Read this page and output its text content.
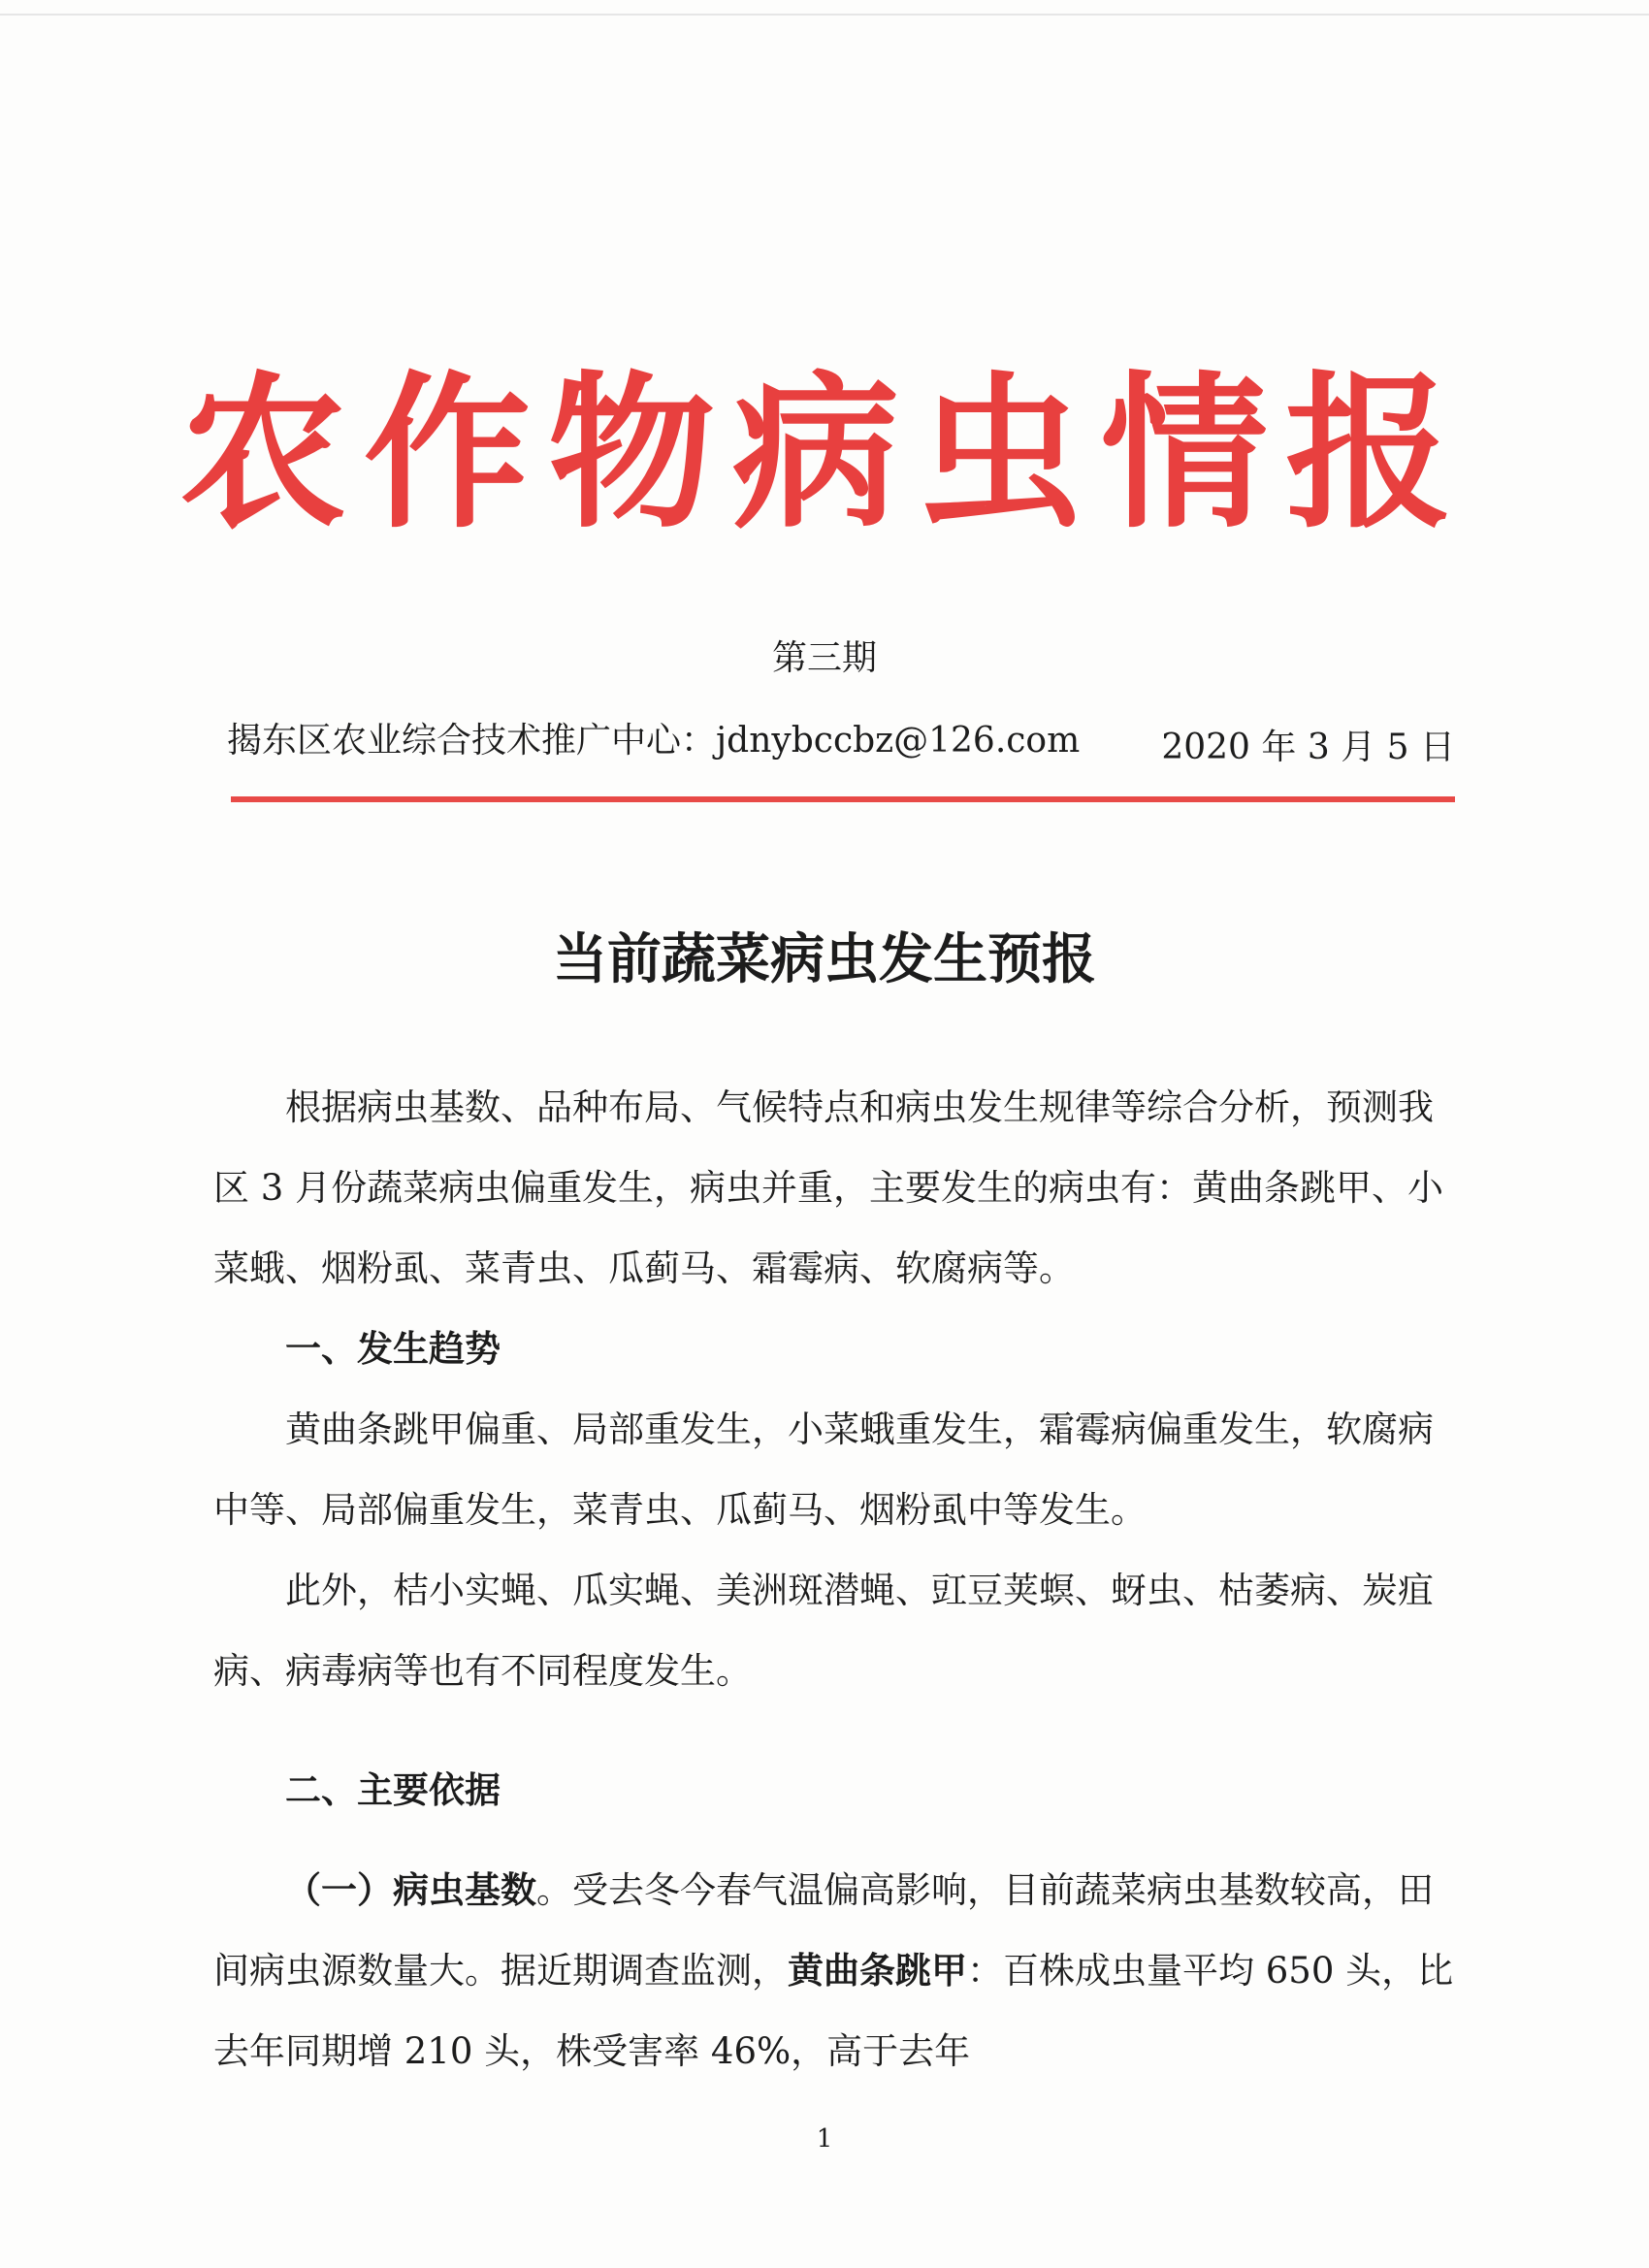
农作物病虫情报
第三期
揭东区农业综合技术推广中心：jdnybccbz@126.com 2020 年 3 月 5 日
当前蔬菜病虫发生预报

根据病虫基数、品种布局、气候特点和病虫发生规律等综合分析，预测我区 3 月份蔬菜病虫偏重发生，病虫并重，主要发生的病虫有：黄曲条跳甲、小菜蛾、烟粉虱、菜青虫、瓜蓟马、霜霉病、软腐病等。

一、发生趋势

黄曲条跳甲偏重、局部重发生，小菜蛾重发生，霜霉病偏重发生，软腐病中等、局部偏重发生，菜青虫、瓜蓟马、烟粉虱中等发生。

此外，桔小实蝇、瓜实蝇、美洲斑潜蝇、豇豆荚螟、蚜虫、枯萎病、炭疽病、病毒病等也有不同程度发生。

二、主要依据

（一）病虫基数。受去冬今春气温偏高影响，目前蔬菜病虫基数较高，田间病虫源数量大。据近期调查监测，黄曲条跳甲：百株成虫量平均 650 头，比去年同期增 210 头，株受害率 46%，高于去年

1
